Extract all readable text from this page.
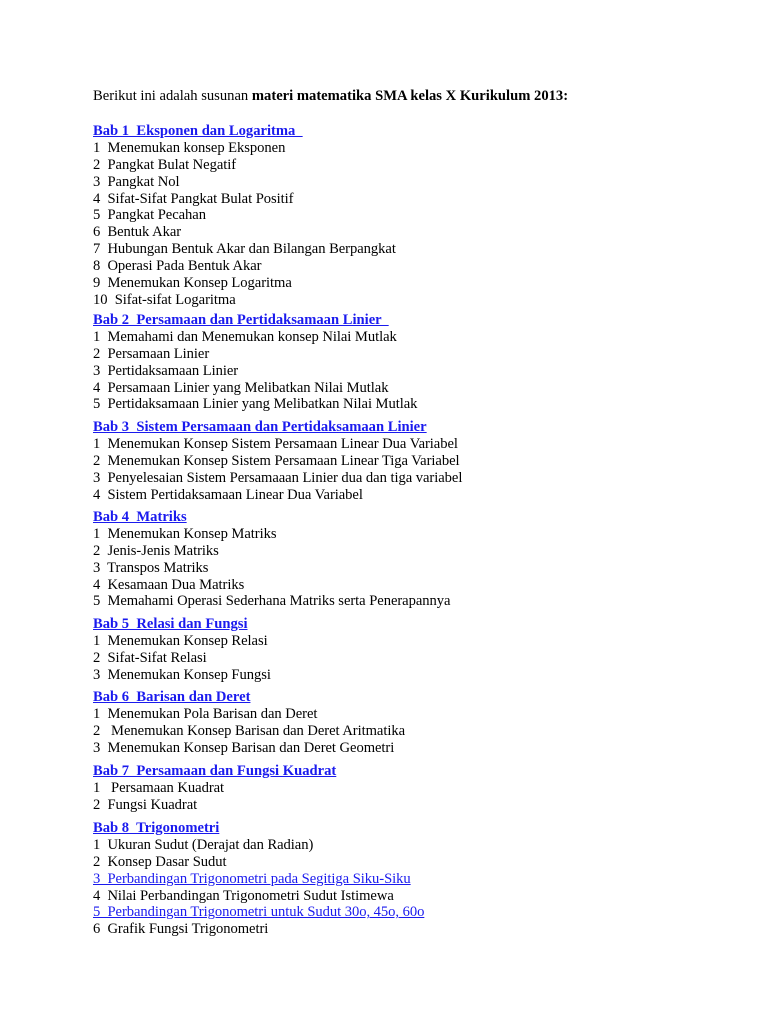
Berikut ini adalah susunan materi matematika SMA kelas X Kurikulum 2013:
Bab 1  Eksponen dan Logaritma
1  Menemukan konsep Eksponen
2  Pangkat Bulat Negatif
3  Pangkat Nol
4  Sifat-Sifat Pangkat Bulat Positif
5  Pangkat Pecahan
6  Bentuk Akar
7  Hubungan Bentuk Akar dan Bilangan Berpangkat
8  Operasi Pada Bentuk Akar
9  Menemukan Konsep Logaritma
10  Sifat-sifat Logaritma
Bab 2  Persamaan dan Pertidaksamaan Linier
1  Memahami dan Menemukan konsep Nilai Mutlak
2  Persamaan Linier
3  Pertidaksamaan Linier
4  Persamaan Linier yang Melibatkan Nilai Mutlak
5  Pertidaksamaan Linier yang Melibatkan Nilai Mutlak
Bab 3  Sistem Persamaan dan Pertidaksamaan Linier
1  Menemukan Konsep Sistem Persamaan Linear Dua Variabel
2  Menemukan Konsep Sistem Persamaan Linear Tiga Variabel
3  Penyelesaian Sistem Persamaaan Linier dua dan tiga variabel
4  Sistem Pertidaksamaan Linear Dua Variabel
Bab 4  Matriks
1  Menemukan Konsep Matriks
2  Jenis-Jenis Matriks
3  Transpos Matriks
4  Kesamaan Dua Matriks
5  Memahami Operasi Sederhana Matriks serta Penerapannya
Bab 5  Relasi dan Fungsi
1  Menemukan Konsep Relasi
2  Sifat-Sifat Relasi
3  Menemukan Konsep Fungsi
Bab 6  Barisan dan Deret
1  Menemukan Pola Barisan dan Deret
2   Menemukan Konsep Barisan dan Deret Aritmatika
3  Menemukan Konsep Barisan dan Deret Geometri
Bab 7  Persamaan dan Fungsi Kuadrat
1   Persamaan Kuadrat
2  Fungsi Kuadrat
Bab 8  Trigonometri
1  Ukuran Sudut (Derajat dan Radian)
2  Konsep Dasar Sudut
3  Perbandingan Trigonometri pada Segitiga Siku-Siku
4  Nilai Perbandingan Trigonometri Sudut Istimewa
5  Perbandingan Trigonometri untuk Sudut 30o, 45o, 60o
6  Grafik Fungsi Trigonometri
